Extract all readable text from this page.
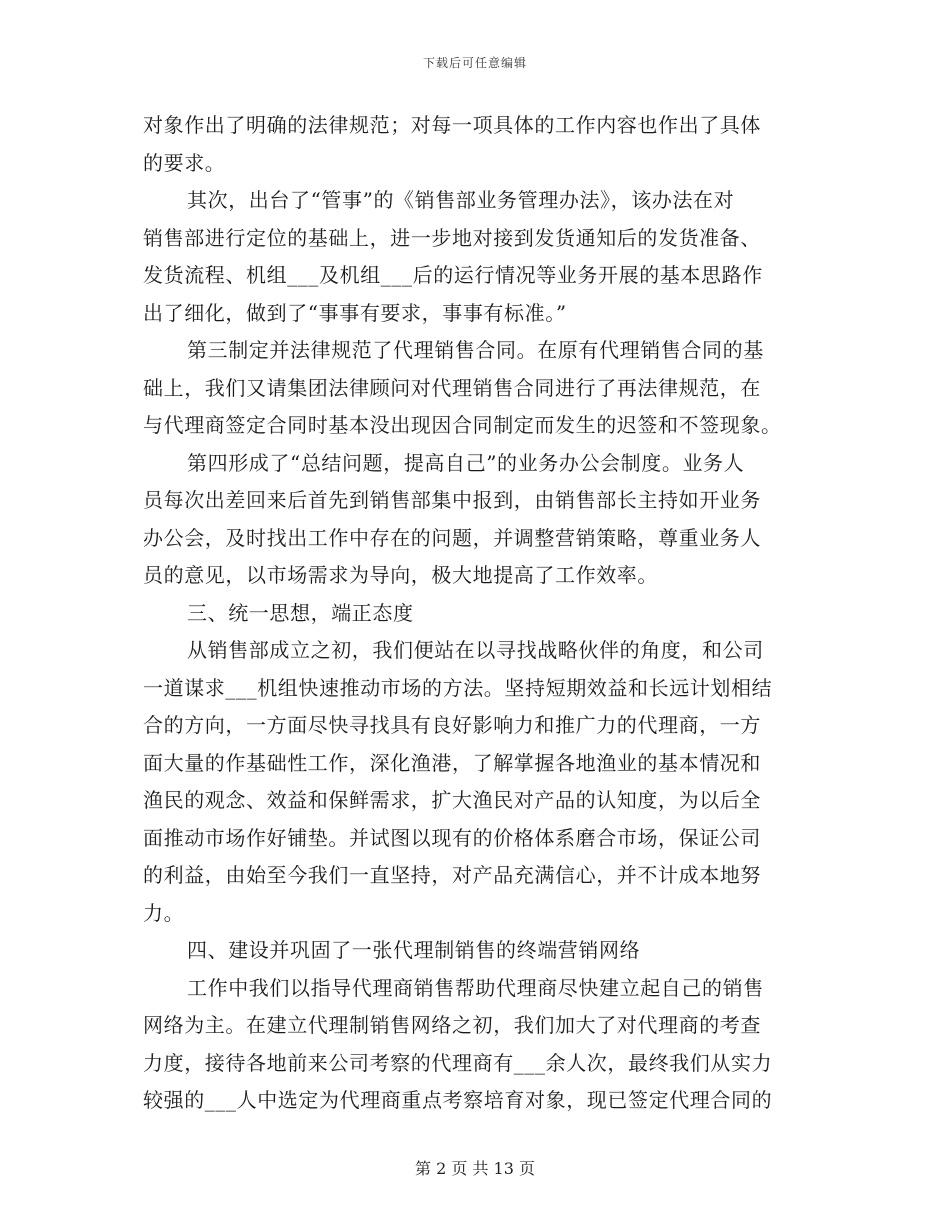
下载后可任意编辑
对象作出了明确的法律规范；对每一项具体的工作内容也作出了具体
的要求。
其次，出台了“管事”的《销售部业务管理办法》，该办法在对
销售部进行定位的基础上，进一步地对接到发货通知后的发货准备、
发货流程、机组___及机组___后的运行情况等业务开展的基本思路作
出了细化，做到了“事事有要求，事事有标准。”
第三制定并法律规范了代理销售合同。在原有代理销售合同的基
础上，我们又请集团法律顾问对代理销售合同进行了再法律规范，在
与代理商签定合同时基本没出现因合同制定而发生的迟签和不签现象。
第四形成了“总结问题，提高自己”的业务办公会制度。业务人
员每次出差回来后首先到销售部集中报到，由销售部长主持如开业务
办公会，及时找出工作中存在的问题，并调整营销策略，尊重业务人
员的意见，以市场需求为导向，极大地提高了工作效率。
三、统一思想，端正态度
从销售部成立之初，我们便站在以寻找战略伙伴的角度，和公司
一道谋求___机组快速推动市场的方法。坚持短期效益和长远计划相结
合的方向，一方面尽快寻找具有良好影响力和推广力的代理商，一方
面大量的作基础性工作，深化渔港，了解掌握各地渔业的基本情况和
渔民的观念、效益和保鲜需求，扩大渔民对产品的认知度，为以后全
面推动市场作好铺垫。并试图以现有的价格体系磨合市场，保证公司
的利益，由始至今我们一直坚持，对产品充满信心，并不计成本地努
力。
四、建设并巩固了一张代理制销售的终端营销网络
工作中我们以指导代理商销售帮助代理商尽快建立起自己的销售
网络为主。在建立代理制销售网络之初，我们加大了对代理商的考查
力度，接待各地前来公司考察的代理商有___余人次，最终我们从实力
较强的___人中选定为代理商重点考察培育对象，现已签定代理合同的
第 2 页 共 13 页
